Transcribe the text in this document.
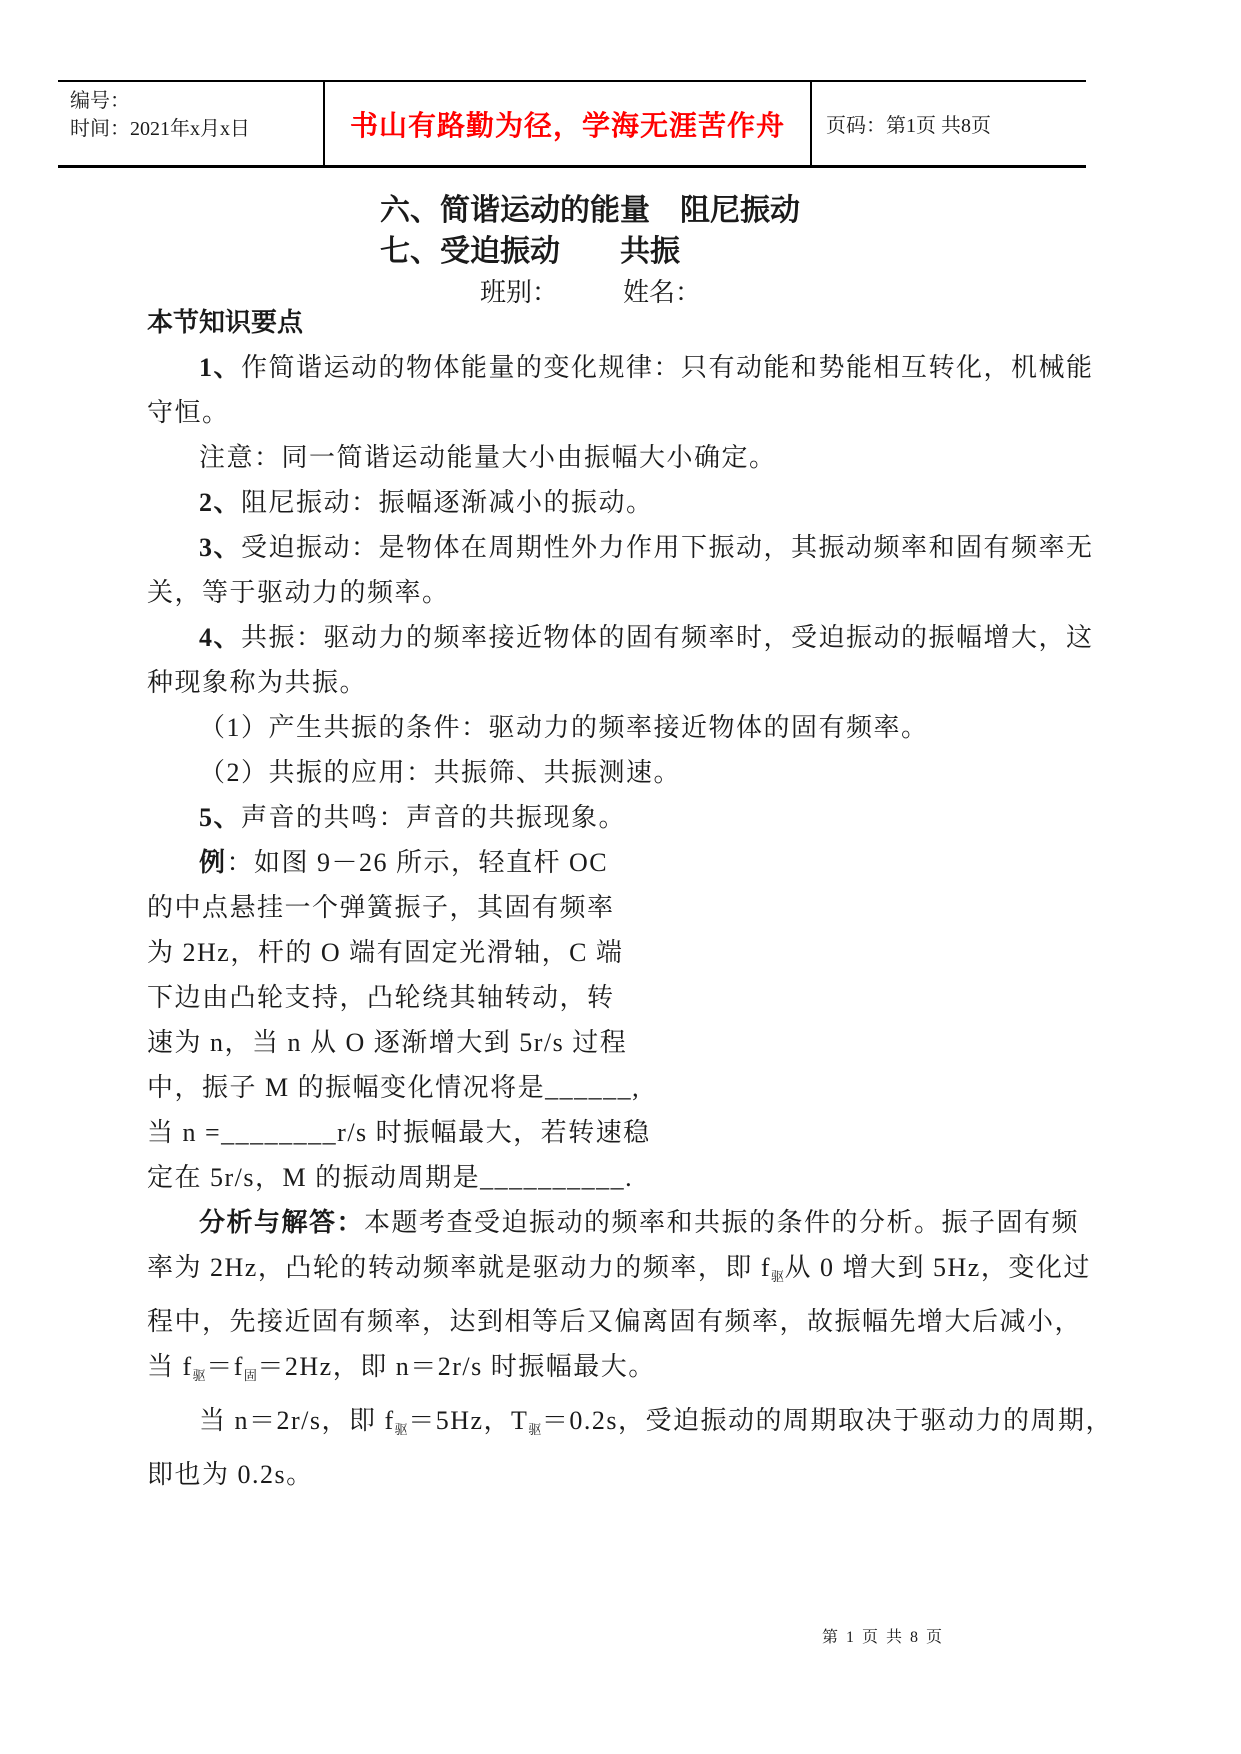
编号：
时间：2021年x月x日	书山有路勤为径，学海无涯苦作舟 页码：第1页 共8页
六、简谐运动的能量　阻尼振动
七、受迫振动　　共振
班别：　　　姓名：
本节知识要点
1、作简谐运动的物体能量的变化规律：只有动能和势能相互转化，机械能
守恒。
注意：同一简谐运动能量大小由振幅大小确定。
2、阻尼振动：振幅逐渐减小的振动。
3、受迫振动：是物体在周期性外力作用下振动，其振动频率和固有频率无
关，等于驱动力的频率。
4、共振：驱动力的频率接近物体的固有频率时，受迫振动的振幅增大，这
种现象称为共振。
（1）产生共振的条件：驱动力的频率接近物体的固有频率。
（2）共振的应用：共振筛、共振测速。
5、声音的共鸣：声音的共振现象。
例：如图 9－26 所示，轻直杆 OC
的中点悬挂一个弹簧振子，其固有频率
为 2Hz，杆的 O 端有固定光滑轴，C 端
下边由凸轮支持，凸轮绕其轴转动，转
速为 n，当 n 从 O 逐渐增大到 5r/s 过程
中，振子 M 的振幅变化情况将是______,
当 n =________r/s 时振幅最大，若转速稳
定在 5r/s，M 的振动周期是__________.
分析与解答：本题考查受迫振动的频率和共振的条件的分析。振子固有频
率为 2Hz，凸轮的转动频率就是驱动力的频率，即 $f_驱$从 0 增大到 5Hz，变化过
程中，先接近固有频率，达到相等后又偏离固有频率，故振幅先增大后减小，
当 $f_驱=f_固=2Hz$，即 n＝2r/s 时振幅最大。
当 n＝2r/s，即 $f_驱=5Hz$，$T_驱=0.2s$，受迫振动的周期取决于驱动力的周期，
即也为 0.2s。
第 1 页 共 8 页
